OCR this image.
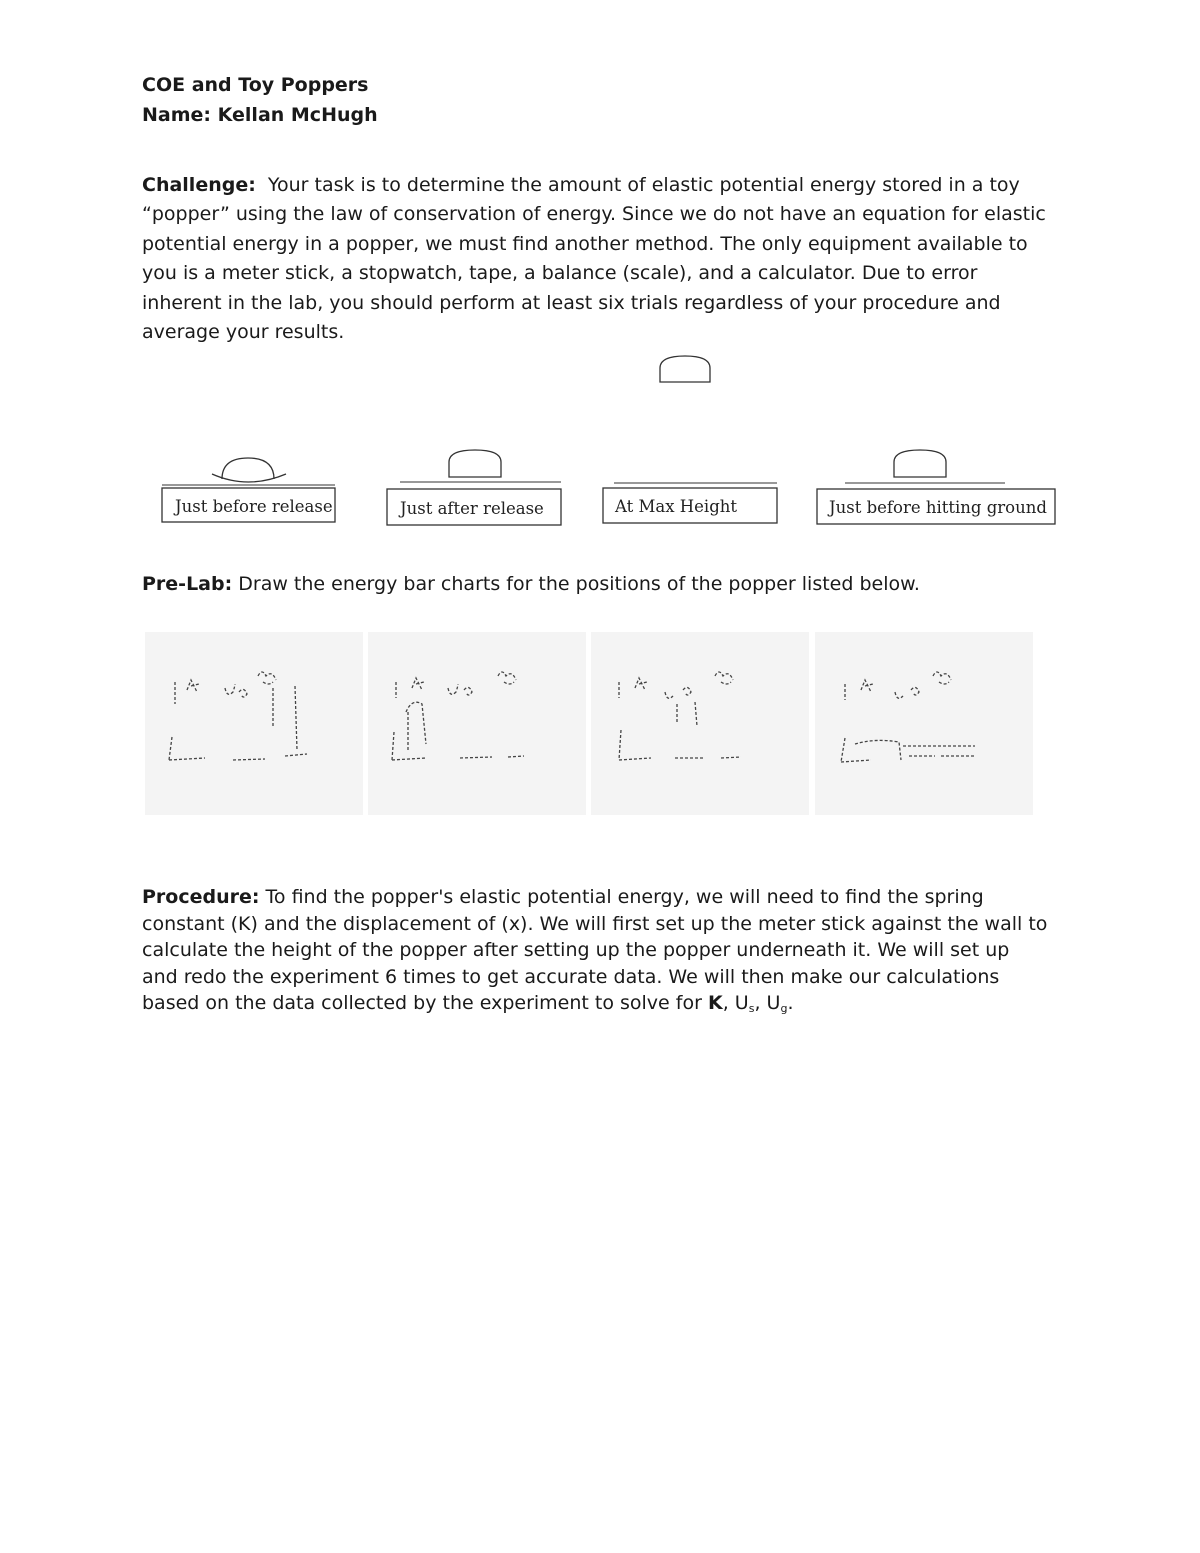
COE and Toy Poppers
Name: Kellan McHugh
Challenge: Your task is to determine the amount of elastic potential energy stored in a toy
“popper” using the law of conservation of energy. Since we do not have an equation for elastic
potential energy in a popper, we must find another method. The only equipment available to
you is a meter stick, a stopwatch, tape, a balance (scale), and a calculator. Due to error
inherent in the lab, you should perform at least six trials regardless of your procedure and
average your results.
Just before release	Just after release	At Max Height	Just before hitting ground
Pre-Lab: Draw the energy bar charts for the positions of the popper listed below.
Procedure: To find the popper's elastic potential energy, we will need to find the spring
constant (K) and the displacement of (x). We will first set up the meter stick against the wall to
calculate the height of the popper after setting up the popper underneath it. We will set up
and redo the experiment 6 times to get accurate data. We will then make our calculations
based on the data collected by the experiment to solve for K, $U_s$, $U_g$.
